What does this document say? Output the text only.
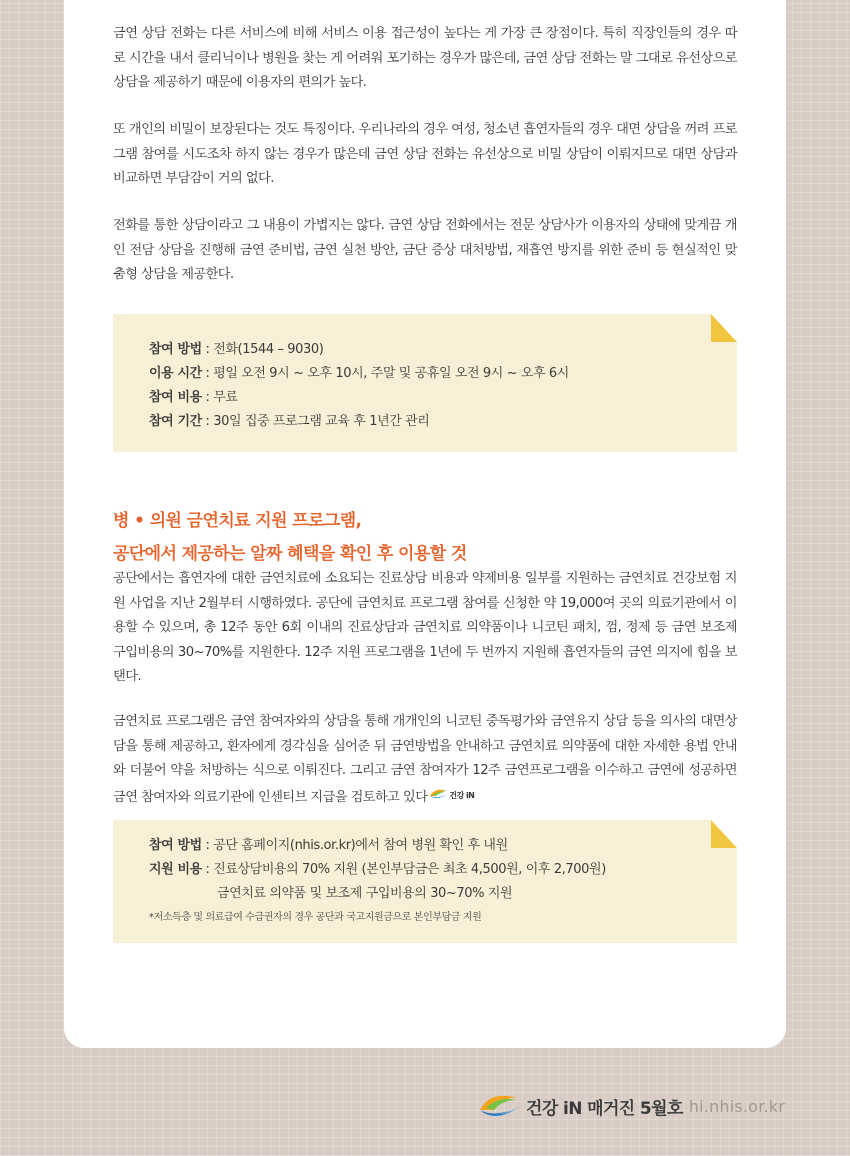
금연 상담 전화는 다른 서비스에 비해 서비스 이용 접근성이 높다는 게 가장 큰 장점이다. 특히 직장인들의 경우 따로 시간을 내서 클리닉이나 병원을 찾는 게 어려워 포기하는 경우가 많은데, 금연 상담 전화는 말 그대로 유선상으로 상담을 제공하기 때문에 이용자의 편의가 높다.

또 개인의 비밀이 보장된다는 것도 특징이다. 우리나라의 경우 여성, 청소년 흡연자들의 경우 대면 상담을 꺼려 프로그램 참여를 시도조차 하지 않는 경우가 많은데 금연 상담 전화는 유선상으로 비밀 상담이 이뤄지므로 대면 상담과 비교하면 부담감이 거의 없다.

전화를 통한 상담이라고 그 내용이 가볍지는 않다. 금연 상담 전화에서는 전문 상담사가 이용자의 상태에 맞게끔 개인 전담 상담을 진행해 금연 준비법, 금연 실천 방안, 금단 증상 대처방법, 재흡연 방지를 위한 준비 등 현실적인 맞춤형 상담을 제공한다.

참여 방법 : 전화(1544 – 9030)
이용 시간 : 평일 오전 9시 ~ 오후 10시, 주말 및 공휴일 오전 9시 ~ 오후 6시
참여 비용 : 무료
참여 기간 : 30일 집중 프로그램 교육 후 1년간 관리
병 • 의원 금연치료 지원 프로그램,
공단에서 제공하는 알짜 혜택을 확인 후 이용할 것

공단에서는 흡연자에 대한 금연치료에 소요되는 진료상담 비용과 약제비용 일부를 지원하는 금연치료 건강보험 지원 사업을 지난 2월부터 시행하였다. 공단에 금연치료 프로그램 참여를 신청한 약 19,000여 곳의 의료기관에서 이용할 수 있으며, 총 12주 동안 6회 이내의 진료상담과 금연치료 의약품이나 니코틴 패치, 껌, 정제 등 금연 보조제 구입비용의 30~70%를 지원한다. 12주 지원 프로그램을 1년에 두 번까지 지원해 흡연자들의 금연 의지에 힘을 보탠다.

금연치료 프로그램은 금연 참여자와의 상담을 통해 개개인의 니코틴 중독평가와 금연유지 상담 등을 의사의 대면상담을 통해 제공하고, 환자에게 경각심을 심어준 뒤 금연방법을 안내하고 금연치료 의약품에 대한 자세한 용법 안내와 더불어 약을 처방하는 식으로 이뤄진다. 그리고 금연 참여자가 12주 금연프로그램을 이수하고 금연에 성공하면 금연 참여자와 의료기관에 인센티브 지급을 검토하고 있다	건강 iN

참여 방법 : 공단 홈페이지(nhis.or.kr)에서 참여 병원 확인 후 내원
지원 비용 : 진료상담비용의 70% 지원 (본인부담금은 최초 4,500원, 이후 2,700원)
금연치료 의약품 및 보조제 구입비용의 30~70% 지원
*저소득층 및 의료급여 수급권자의 경우 공단과 국고지원금으로 본인부담금 지원
건강 iN 매거진 5월호 hi.nhis.or.kr
